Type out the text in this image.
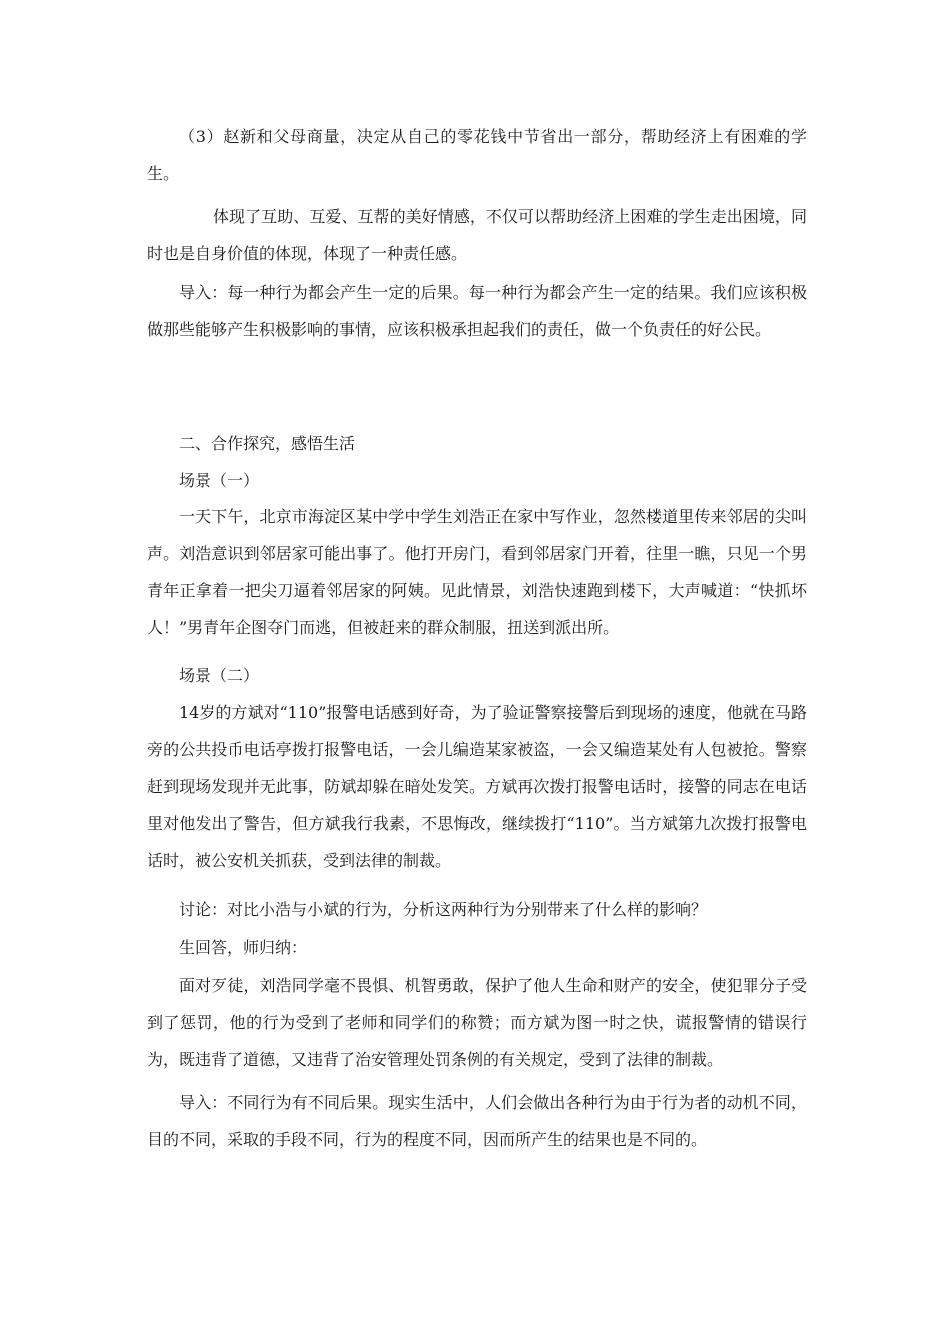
（3）赵新和父母商量，决定从自己的零花钱中节省出一部分，帮助经济上有困难的学生。

体现了互助、互爱、互帮的美好情感，不仅可以帮助经济上困难的学生走出困境，同时也是自身价值的体现，体现了一种责任感。

导入：每一种行为都会产生一定的后果。每一种行为都会产生一定的结果。我们应该积极做那些能够产生积极影响的事情，应该积极承担起我们的责任，做一个负责任的好公民。

二、合作探究，感悟生活

场景（一）

一天下午，北京市海淀区某中学中学生刘浩正在家中写作业，忽然楼道里传来邻居的尖叫声。刘浩意识到邻居家可能出事了。他打开房门，看到邻居家门开着，往里一瞧，只见一个男青年正拿着一把尖刀逼着邻居家的阿姨。见此情景，刘浩快速跑到楼下，大声喊道：“快抓坏人！”男青年企图夺门而逃，但被赶来的群众制服，扭送到派出所。

场景（二）

14岁的方斌对“110”报警电话感到好奇，为了验证警察接警后到现场的速度，他就在马路旁的公共投币电话亭拨打报警电话，一会儿编造某家被盗，一会又编造某处有人包被抢。警察赶到现场发现并无此事，防斌却躲在暗处发笑。方斌再次拨打报警电话时，接警的同志在电话里对他发出了警告，但方斌我行我素，不思悔改，继续拨打“110”。当方斌第九次拨打报警电话时，被公安机关抓获，受到法律的制裁。

讨论：对比小浩与小斌的行为，分析这两种行为分别带来了什么样的影响？

生回答，师归纳：

面对歹徒，刘浩同学毫不畏惧、机智勇敢，保护了他人生命和财产的安全，使犯罪分子受到了惩罚，他的行为受到了老师和同学们的称赞；而方斌为图一时之快，谎报警情的错误行为，既违背了道德，又违背了治安管理处罚条例的有关规定，受到了法律的制裁。

导入：不同行为有不同后果。现实生活中，人们会做出各种行为由于行为者的动机不同，目的不同，采取的手段不同，行为的程度不同，因而所产生的结果也是不同的。
